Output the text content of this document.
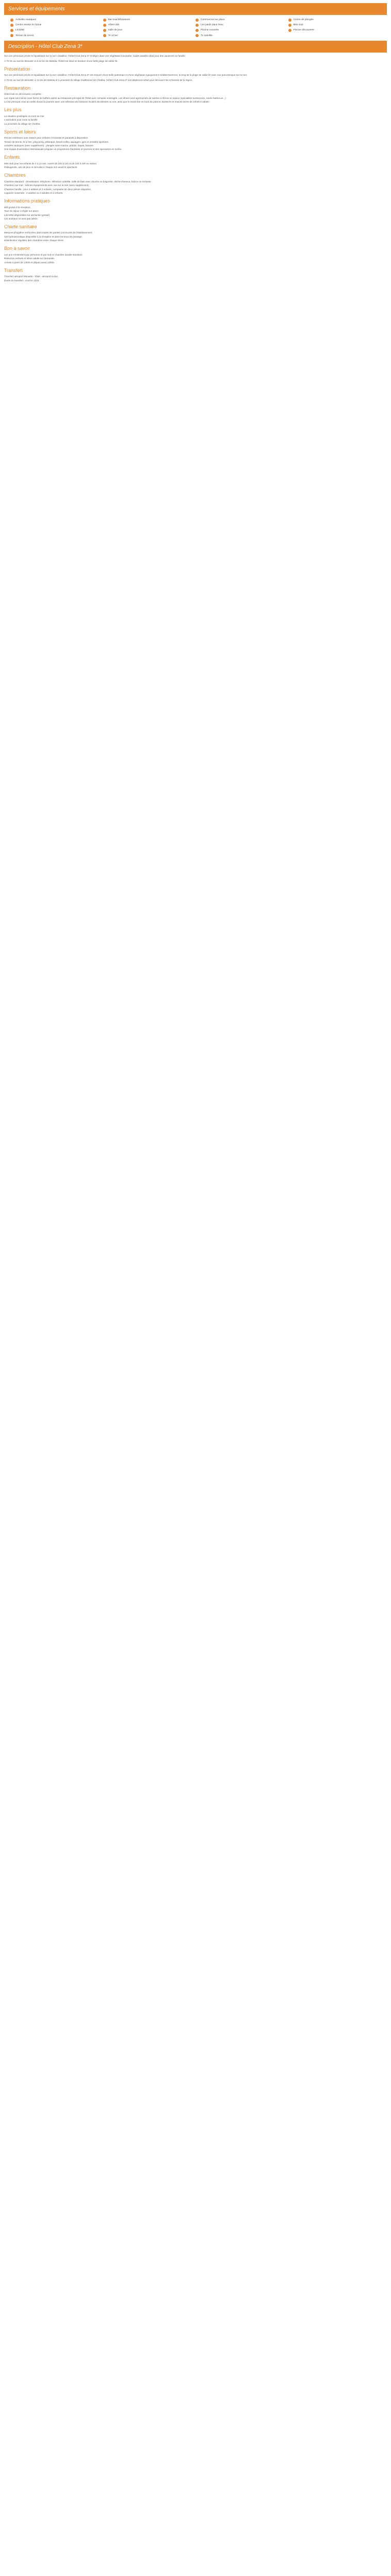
Services et équipements
Activités nautiques	Bar-snack/brasserie	Commerces sur place	Centre de plongée
Centre remise en forme	Hôtel-club	Les pieds dans l'eau	Mini-club
Lit bébé	Salle de jeux	Piscine couverte	Piscine découverte
Terrain de tennis	Tir à l'arc	Tv satellite
Description - Hôtel Club Zena 3*

Sur une péninsule privée et équidistant sur la mer cristalline, l'Hôtel Club Zena 3* s'intègre dans une végétation luxuriante. Cadre paisible idéal pour des vacances en famille.

A 70 km au sud de Monastir et à 12 km de Mahdia, l'hôtel est situé en bordure d'une belle plage de sable fin.

Présentation

Sur une péninsule privée et équidistant sur la mer cristalline, l'Hôtel Club Zena 3* est entouré d'une belle palmeraie et d'une végétation typiquement méditerranéenne, le long de la plage de sable fin avec vue panoramique sur la mer.

A 70 km au sud de Monastir, à 12 km de Mahdia et à proximité du village traditionnel de Chebba, l'Hôtel Club Zena 3* est idéalement situé pour découvrir les richesses de la région.

Restauration

Hôtel-club en all inclusive complète :

Les repas sont servis sous forme de buffets variés au restaurant principal de l'hôtel avec terrasse ombragée. Les dîners sont agrémentés de soirées à thème en saison (spécialités tunisiennes, soirée barbecue...)

Le bar principal vous accueille durant la journée avec une sélection de boissons locales alcoolisées ou non, ainsi que le snack-bar en bord de piscine. Boissons et snacks servis de 10h00 à 23h00.

Les plus

La situation privilégiée en bord de mer

L'animation pour toute la famille

La proximité du village de Chebba

Sports et loisirs

Piscine extérieure avec bassin pour enfants et transats et parasols à disposition.

Terrain de tennis, tir à l'arc, ping-pong, pétanque, beach-volley, aquagym, gym et activités sportives.

Activités nautiques (avec supplément) : plongée sous-marine, pédalo, kayak, banane.

Une équipe d'animation internationale propose un programme d'activités en journée et des spectacles en soirée.

Enfants

Mini-club pour les enfants de 4 à 12 ans, ouvert de 10h à 12h et de 15h à 18h en saison.

Pataugeoire, aire de jeux et mini-disco chaque soir avant le spectacle.

Chambres

Chambre standard : climatisation, téléphone, télévision satellite, salle de bain avec douche ou baignoire, sèche-cheveux, balcon ou terrasse.

Chambre vue mer : mêmes équipements avec vue sur la mer (avec supplément).

Chambre famille : pour 2 adultes et 2 enfants, composée de deux pièces séparées.

Capacité maximale : 3 adultes ou 2 adultes et 2 enfants.

Informations pratiques

Wifi gratuit à la réception.

Taxe de séjour à régler sur place.

Lits bébé disponibles sur demande (gratuit).

Les animaux ne sont pas admis.

Charte sanitaire

Mesures d'hygiène renforcées dans toutes les parties communes de l'établissement.

Gel hydroalcoolique disponible à la réception et dans les lieux de passage.

Désinfection régulière des chambres entre chaque client.

Bon à savoir

Les prix s'entendent par personne et par nuit en chambre double standard.

Réduction enfants et 3ème adulte sur demande.

Arrivée à partir de 14h00 et départ avant 12h00.

Transfert

Transfert aéroport Monastir - hôtel - aéroport inclus.

Durée du transfert : environ 1h15.
